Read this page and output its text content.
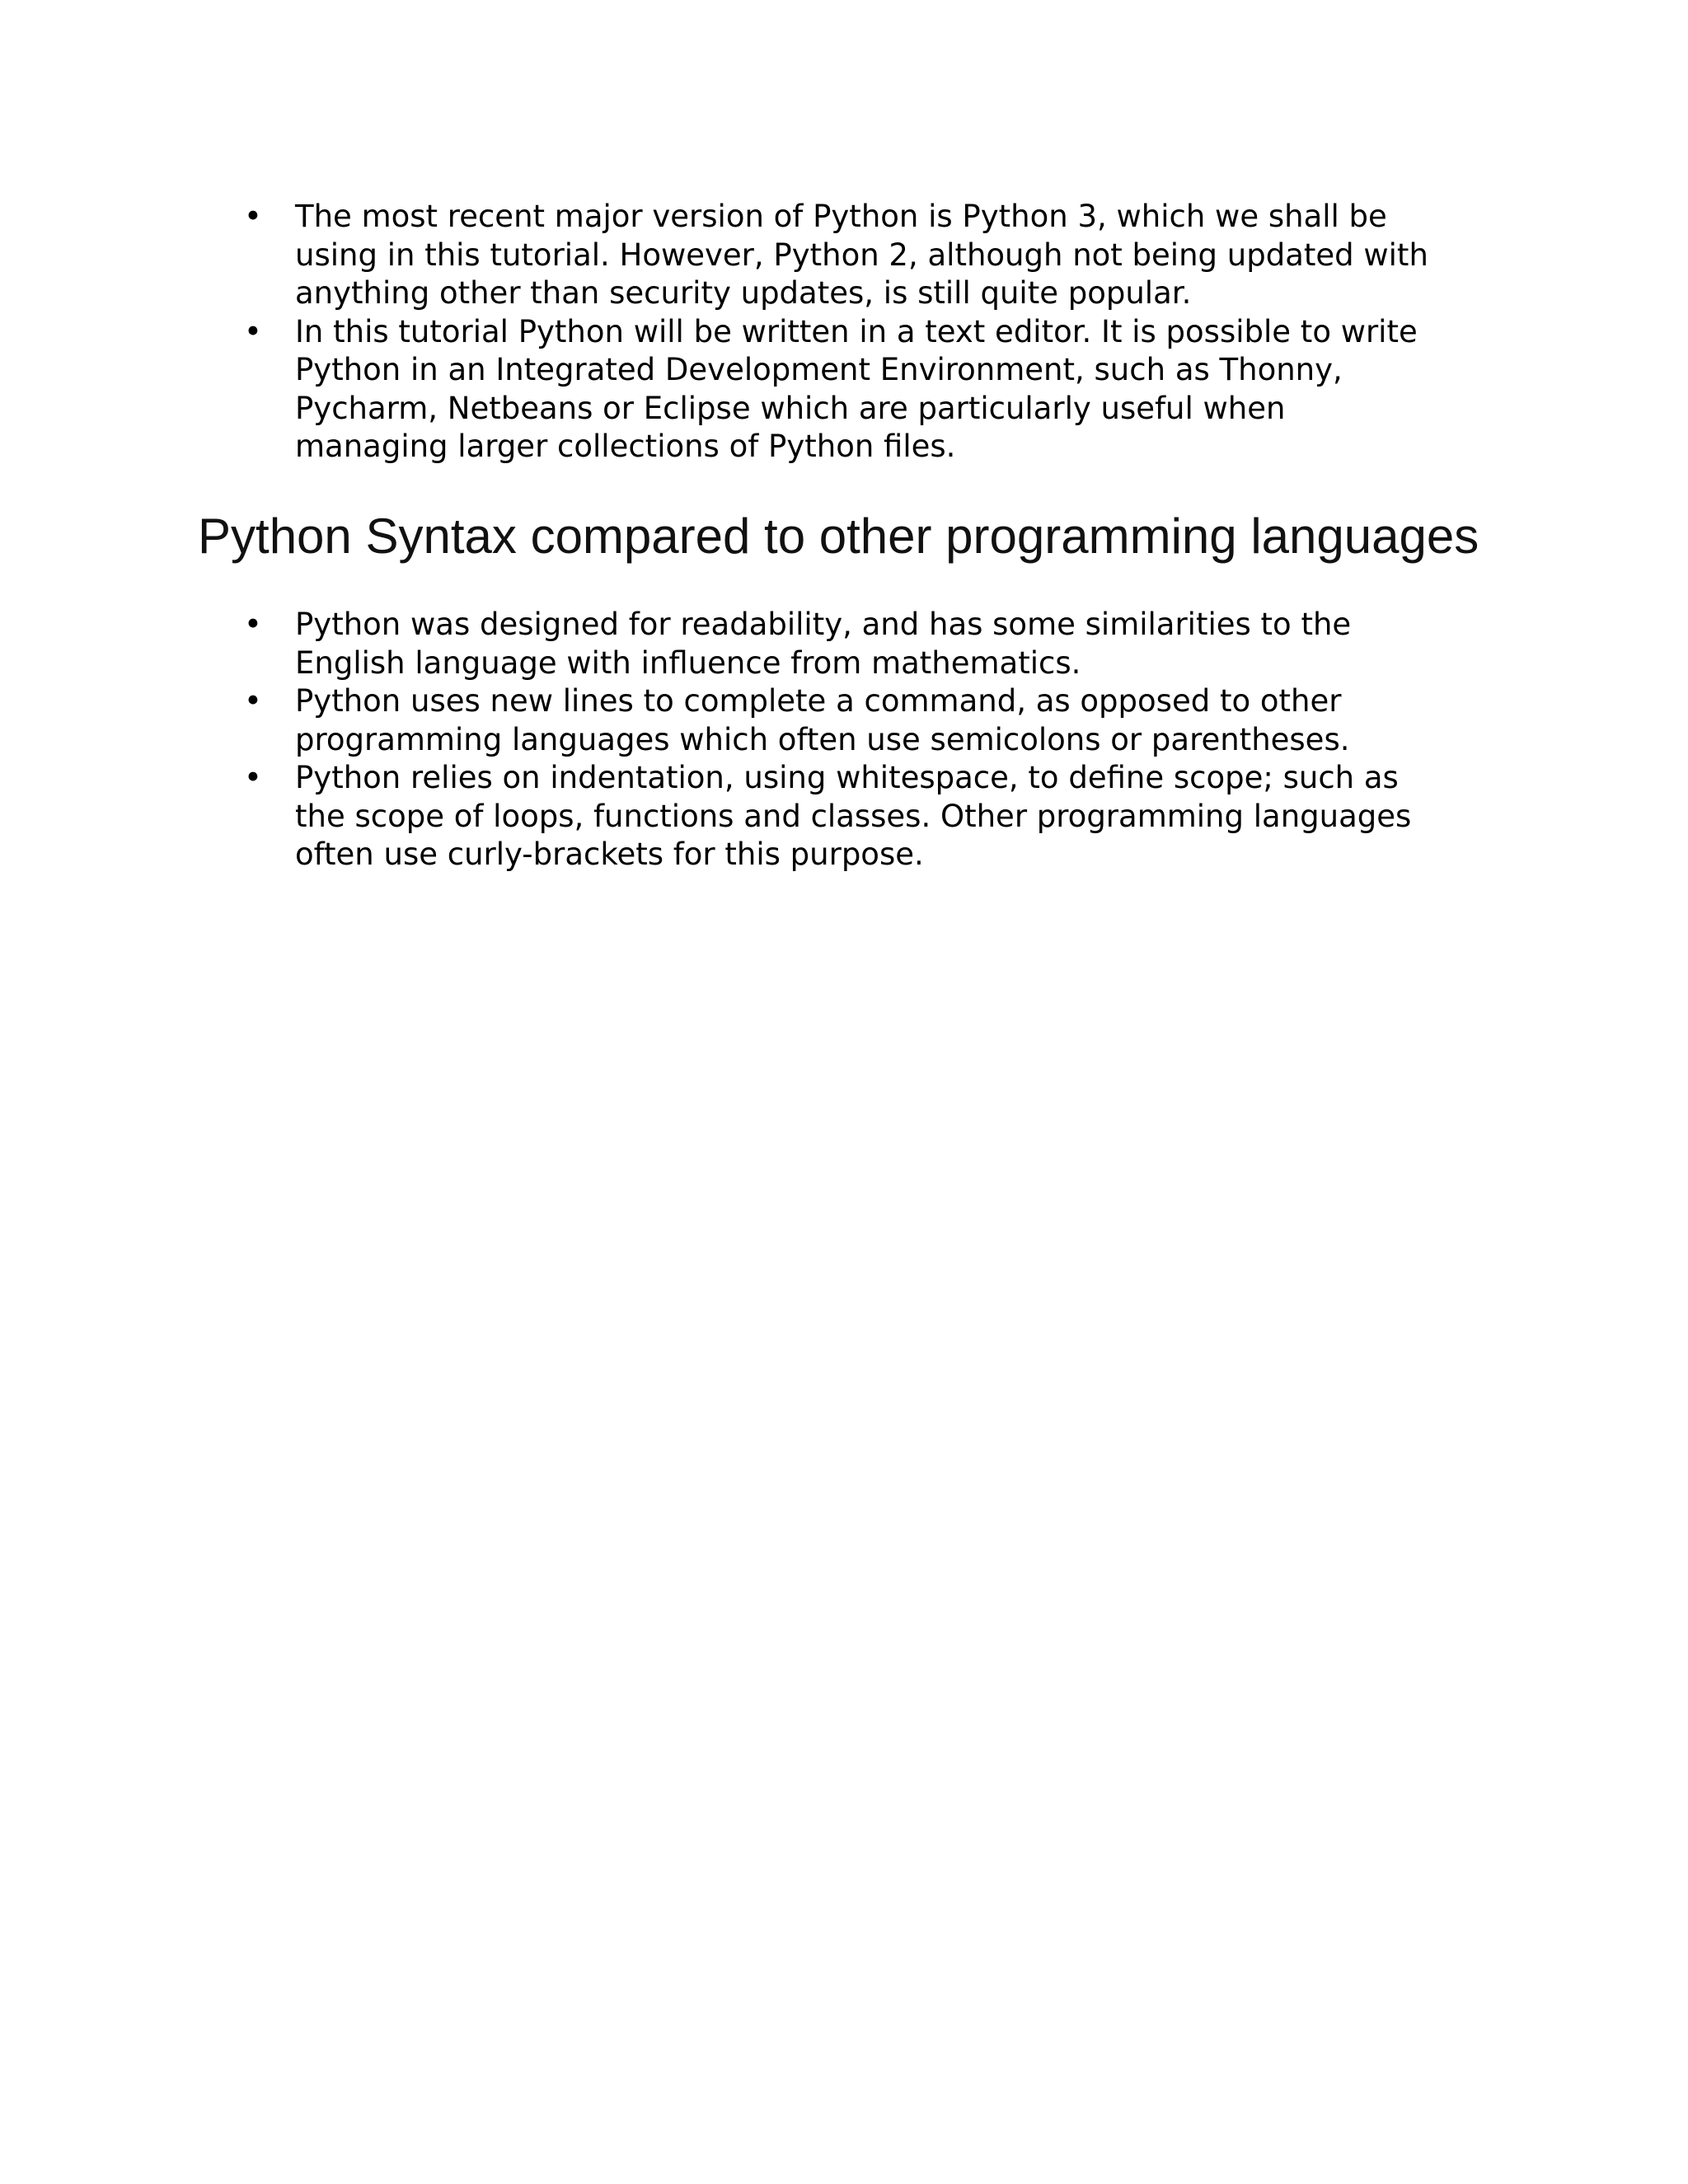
• The most recent major version of Python is Python 3, which we shall be
using in this tutorial. However, Python 2, although not being updated with
anything other than security updates, is still quite popular.
• In this tutorial Python will be written in a text editor. It is possible to write
Python in an Integrated Development Environment, such as Thonny,
Pycharm, Netbeans or Eclipse which are particularly useful when
managing larger collections of Python files.
Python Syntax compared to other programming languages
• Python was designed for readability, and has some similarities to the
English language with influence from mathematics.
• Python uses new lines to complete a command, as opposed to other
programming languages which often use semicolons or parentheses.
• Python relies on indentation, using whitespace, to define scope; such as
the scope of loops, functions and classes. Other programming languages
often use curly-brackets for this purpose.
